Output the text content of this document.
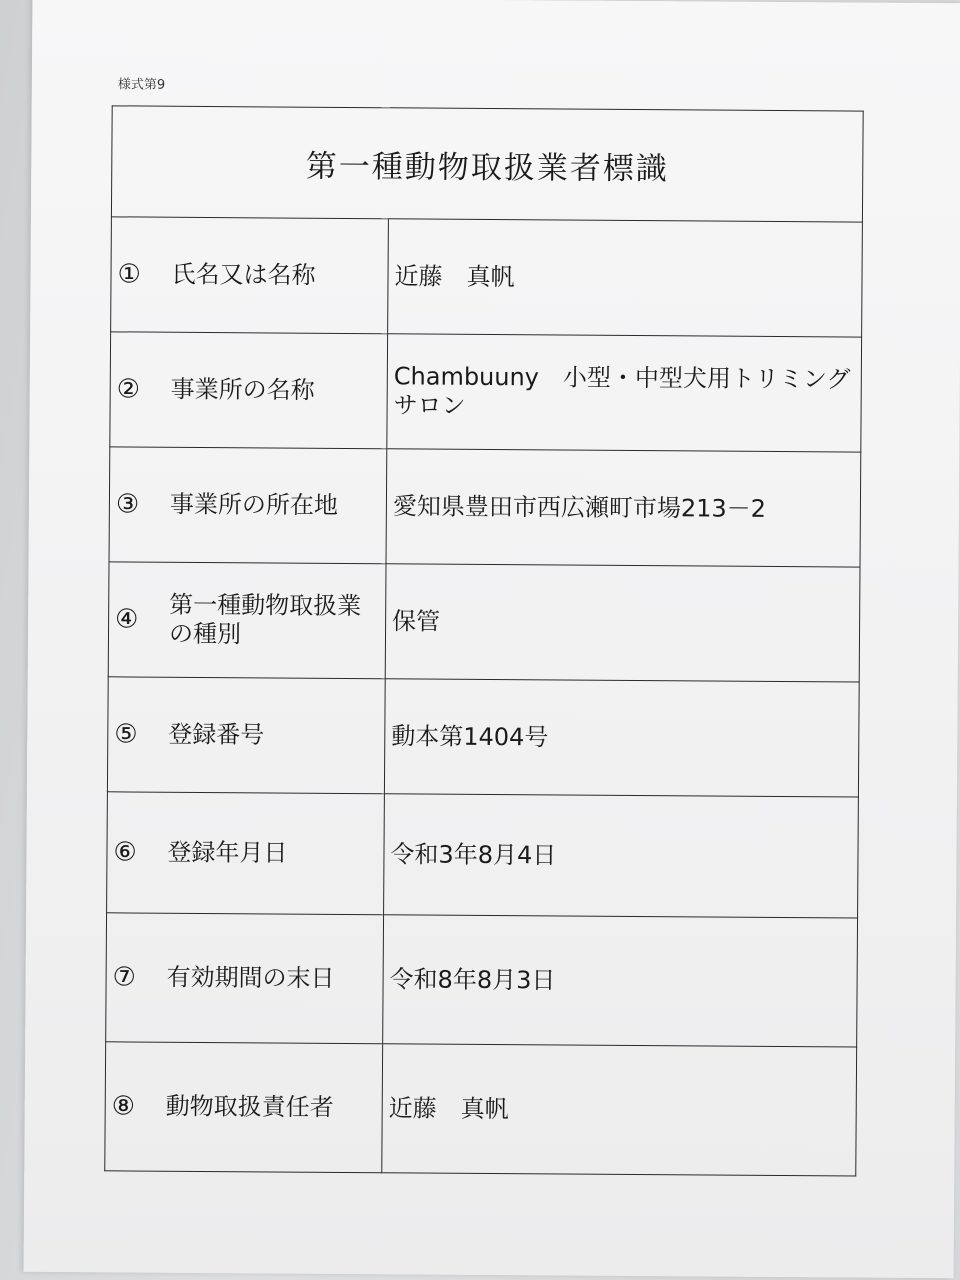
様式第9
第一種動物取扱業者標識	

① 氏名又は名称	近藤　真帆

② 事業所の名称	Chambuuny　小型・中型犬用トリミングサロン

③ 事業所の所在地	愛知県豊田市西広瀬町市場213－2

④ 第一種動物取扱業の種別	保管

⑤ 登録番号	動本第1404号

⑥ 登録年月日	令和3年8月4日

⑦ 有効期間の末日	令和8年8月3日

⑧ 動物取扱責任者	近藤　真帆
